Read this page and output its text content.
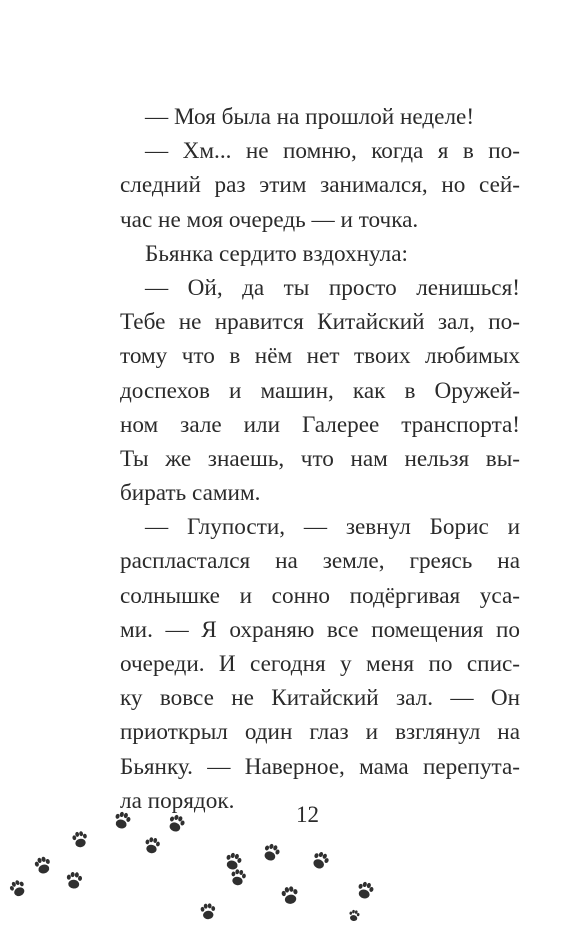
— Моя была на прошлой неделе!
— Хм... не помню, когда я в по-
следний раз этим занимался, но сей-
час не моя очередь — и точка.
Бьянка сердито вздохнула:
— Ой, да ты просто ленишься!
Тебе не нравится Китайский зал, по-
тому что в нём нет твоих любимых
доспехов и машин, как в Оружей-
ном зале или Галерее транспорта!
Ты же знаешь, что нам нельзя вы-
бирать самим.
— Глупости, — зевнул Борис и
распластался на земле, греясь на
солнышке и сонно подёргивая уса-
ми. — Я охраняю все помещения по
очереди. И сегодня у меня по спис-
ку вовсе не Китайский зал. — Он
приоткрыл один глаз и взглянул на
Бьянку. — Наверное, мама перепута-
ла порядок.
12
